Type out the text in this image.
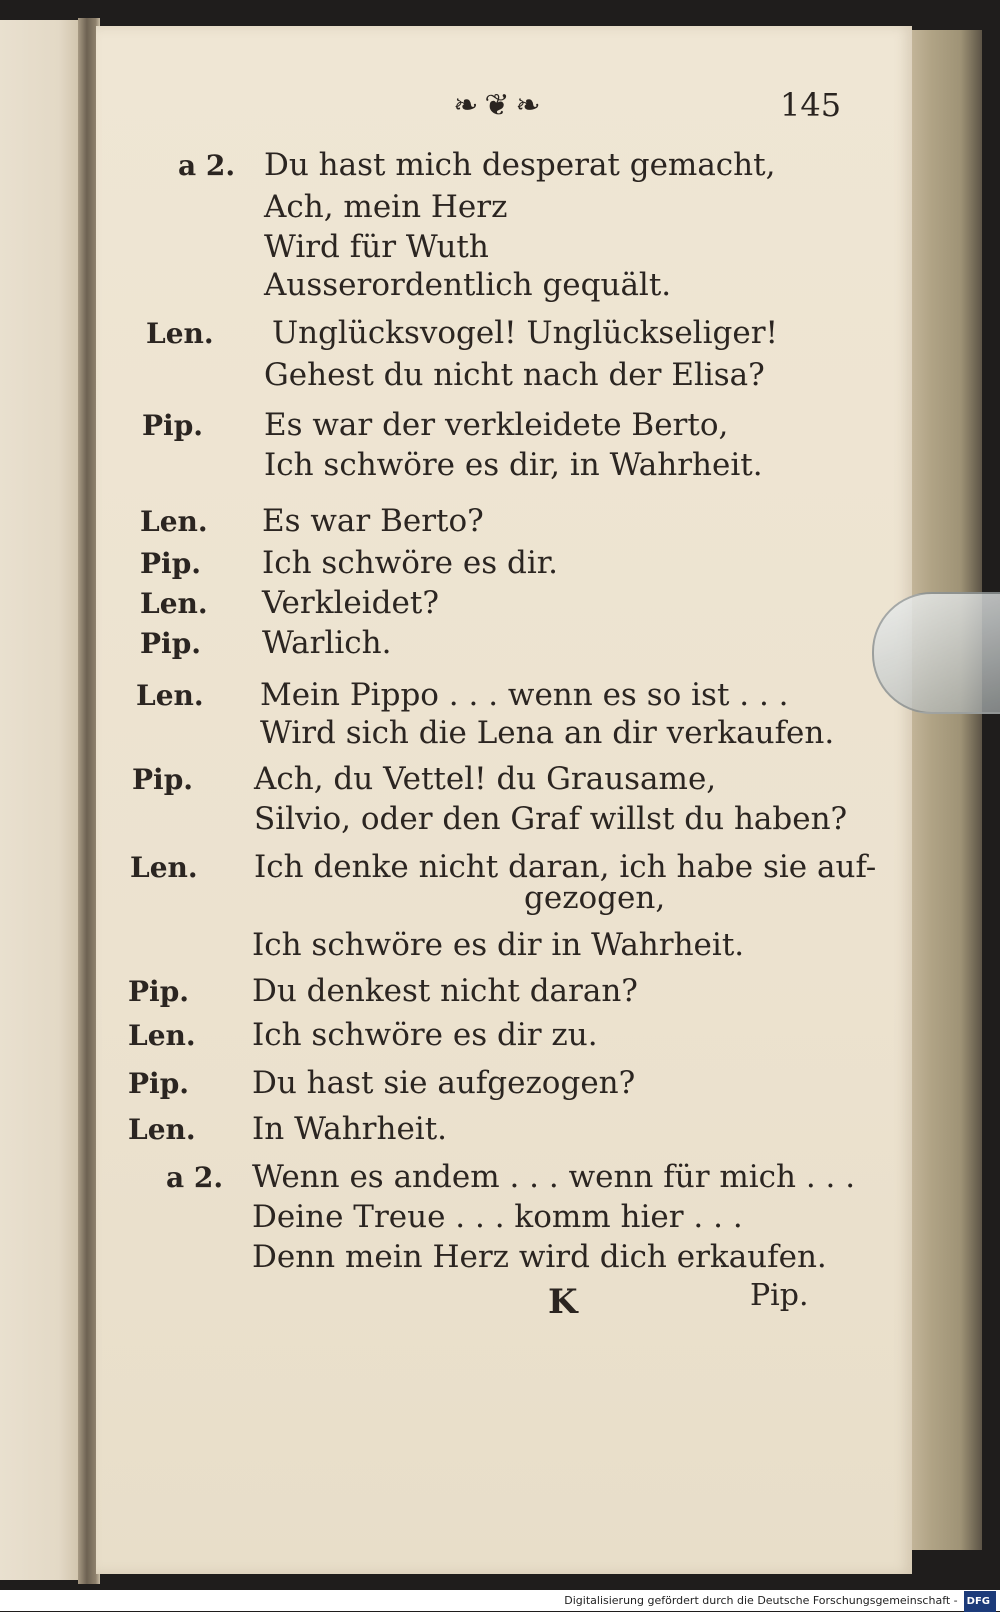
❧❦❧	145
a 2. Du hast mich desperat gemacht,
Ach, mein Herz
Wird für Wuth
Ausserordentlich gequält.
Len.	Unglücksvogel! Unglückseliger!
Gehest du nicht nach der Elisa?
Pip.	Es war der verkleidete Berto,
Ich schwöre es dir, in Wahrheit.
Len.	Es war Berto?
Pip.	Ich schwöre es dir.
Len.	Verkleidet?
Pip.	Warlich.
Len.	Mein Pippo . . . wenn es so ist . . .
Wird sich die Lena an dir verkaufen.
Pip.	Ach, du Vettel! du Grausame,
Silvio, oder den Graf willst du haben?
Len.	Ich denke nicht daran, ich habe sie auf-
gezogen,
Ich schwöre es dir in Wahrheit.
Pip.	Du denkest nicht daran?
Len.	Ich schwöre es dir zu.
Pip.	Du hast sie aufgezogen?
Len.	In Wahrheit.
a 2. Wenn es andem . . . wenn für mich . . .
Deine Treue . . . komm hier . . .
Denn mein Herz wird dich erkaufen.
K	Pip.
Digitalisierung gefördert durch die Deutsche Forschungsgemeinschaft - DFG
